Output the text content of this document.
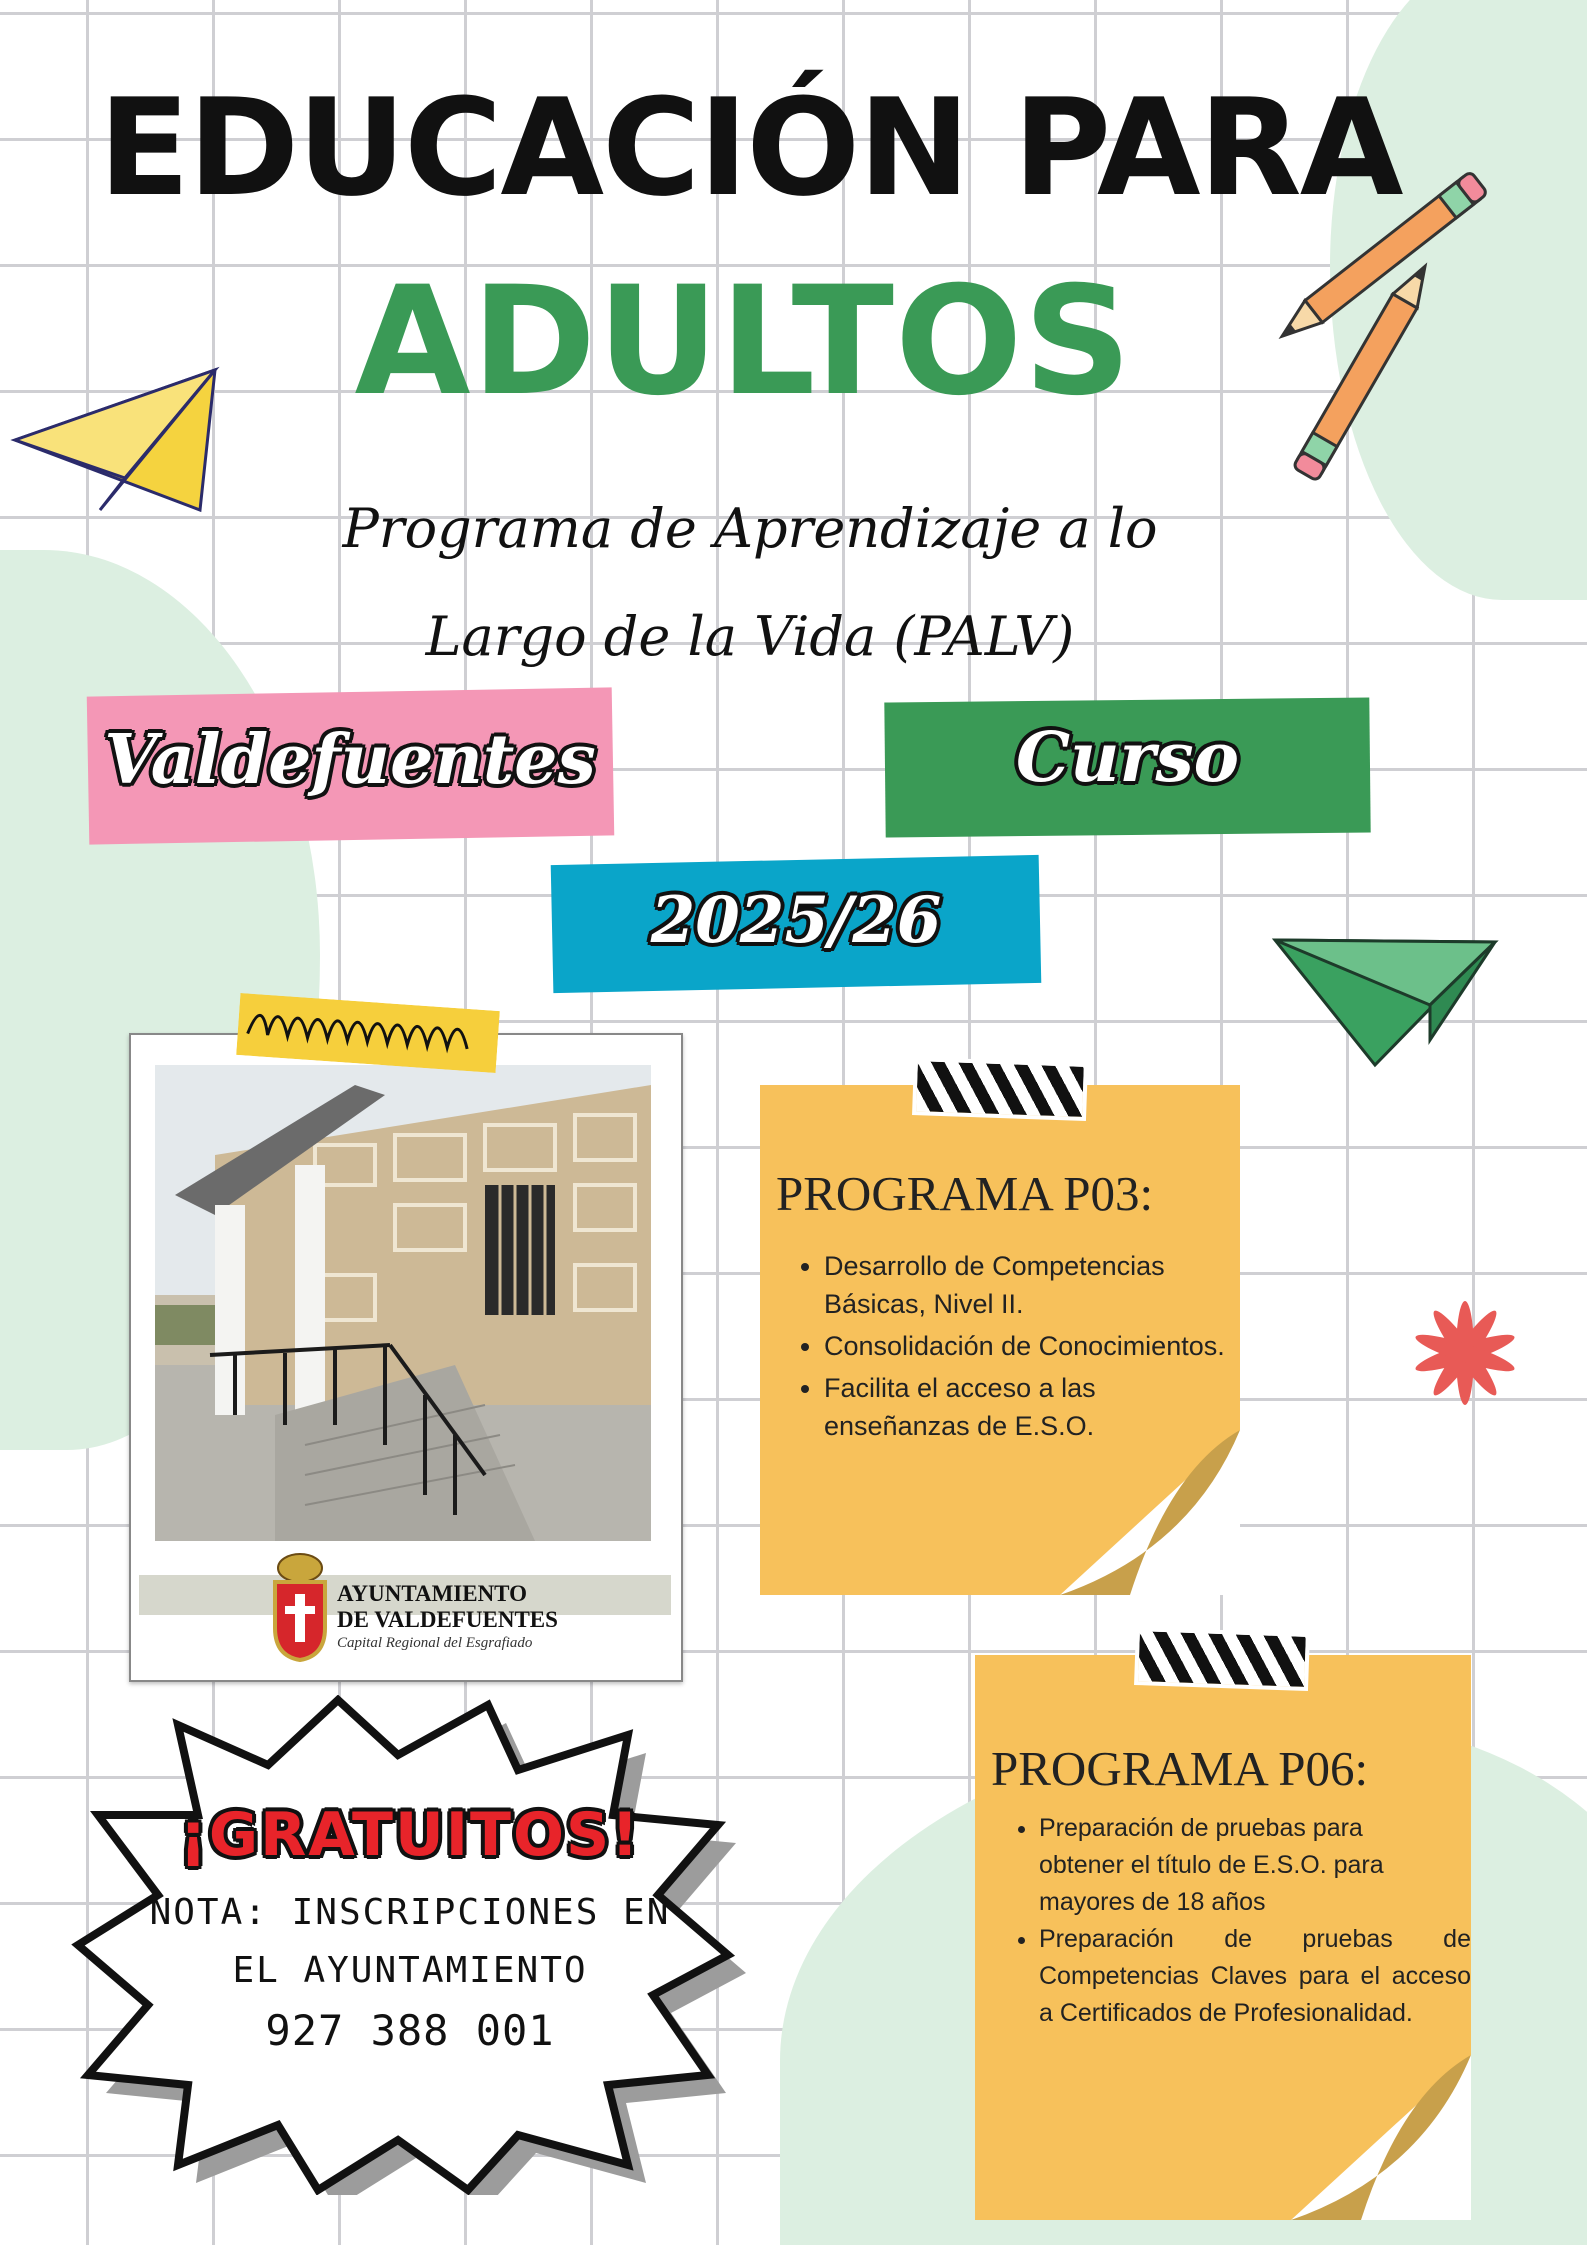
EDUCACIÓN PARA
ADULTOS
Programa de Aprendizaje a lo
Largo de la Vida (PALV)
Valdefuentes	Curso
2025/26
AYUNTAMIENTO
DE VALDEFUENTES
Capital Regional del Esgrafiado
PROGRAMA P03:
• Desarrollo de Competencias Básicas, Nivel II.
• Consolidación de Conocimientos.
• Facilita el acceso a las enseñanzas de E.S.O.
PROGRAMA P06:
• Preparación de pruebas para obtener el título de E.S.O. para mayores de 18 años
• Preparación de pruebas de Competencias Claves para el acceso a Certificados de Profesionalidad.
¡GRATUITOS!
NOTA: INSCRIPCIONES EN
EL AYUNTAMIENTO
927 388 001
